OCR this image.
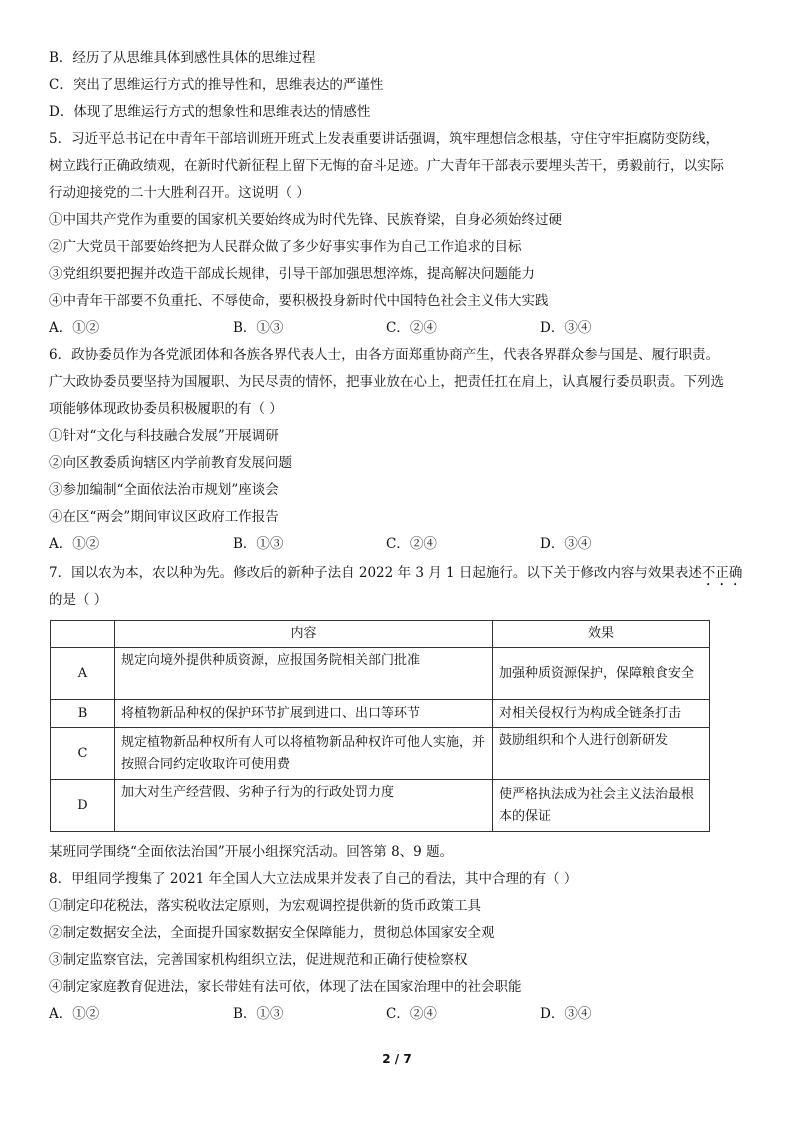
B．经历了从思维具体到感性具体的思维过程
C．突出了思维运行方式的推导性和，思维表达的严谨性
D．体现了思维运行方式的想象性和思维表达的情感性
5．习近平总书记在中青年干部培训班开班式上发表重要讲话强调，筑牢理想信念根基，守住守牢拒腐防变防线，
树立践行正确政绩观，在新时代新征程上留下无悔的奋斗足迹。广大青年干部表示要埋头苦干，勇毅前行，以实际
行动迎接党的二十大胜利召开。这说明（ ）
①中国共产党作为重要的国家机关要始终成为时代先锋、民族脊梁，自身必须始终过硬
②广大党员干部要始终把为人民群众做了多少好事实事作为自己工作追求的目标
③党组织要把握并改造干部成长规律，引导干部加强思想淬炼，提高解决问题能力
④中青年干部要不负重托、不辱使命，要积极投身新时代中国特色社会主义伟大实践
A．①②	B．①③	C．②④	D．③④
6．政协委员作为各党派团体和各族各界代表人士，由各方面郑重协商产生，代表各界群众参与国是、履行职责。
广大政协委员要坚持为国履职、为民尽责的情怀，把事业放在心上，把责任扛在肩上，认真履行委员职责。下列选
项能够体现政协委员积极履职的有（ ）
①针对“文化与科技融合发展”开展调研
②向区教委质询辖区内学前教育发展问题
③参加编制“全面依法治市规划”座谈会
④在区“两会”期间审议区政府工作报告
A．①②	B．①③	C．②④	D．③④
7．国以农为本，农以种为先。修改后的新种子法自 2022 年 3 月 1 日起施行。以下关于修改内容与效果表述不正确
的是（ ）
	内容	效果
A	规定向境外提供种质资源，应报国务院相关部门批准	加强种质资源保护，保障粮食安全
B	将植物新品种权的保护环节扩展到进口、出口等环节	对相关侵权行为构成全链条打击
C	规定植物新品种权所有人可以将植物新品种权许可他人实施，并按照合同约定收取许可使用费	鼓励组织和个人进行创新研发
D	加大对生产经营假、劣种子行为的行政处罚力度	使严格执法成为社会主义法治最根本的保证
某班同学围绕“全面依法治国”开展小组探究活动。回答第 8、9 题。
8．甲组同学搜集了 2021 年全国人大立法成果并发表了自己的看法，其中合理的有（ ）
①制定印花税法，落实税收法定原则，为宏观调控提供新的货币政策工具
②制定数据安全法，全面提升国家数据安全保障能力，贯彻总体国家安全观
③制定监察官法，完善国家机构组织立法，促进规范和正确行使检察权
④制定家庭教育促进法，家长带娃有法可依，体现了法在国家治理中的社会职能
A．①②	B．①③	C．②④	D．③④
2 / 7
